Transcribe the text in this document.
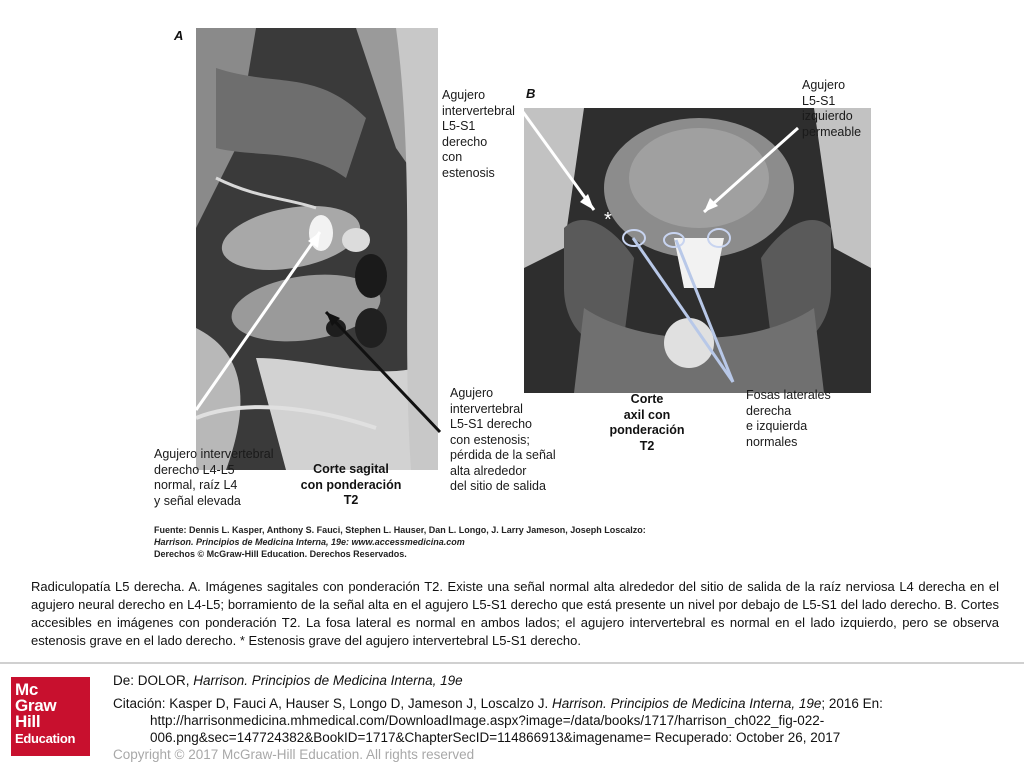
A
B
*
Agujero
intervertebral
L5-S1
derecho
con
estenosis
Agujero
L5-S1
izquierdo
permeable
Agujero intervertebral
derecho L4-L5
normal, raíz L4
y señal elevada
Corte sagital
con ponderación
T2
Agujero
intervertebral
L5-S1 derecho
con estenosis;
pérdida de la señal
alta alrededor
del sitio de salida
Corte
axil con
ponderación
T2
Fosas laterales
derecha
e izquierda
normales
Fuente: Dennis L. Kasper, Anthony S. Fauci, Stephen L. Hauser, Dan L. Longo, J. Larry Jameson, Joseph Loscalzo:
Harrison. Principios de Medicina Interna, 19e: www.accessmedicina.com
Derechos © McGraw-Hill Education. Derechos Reservados.
Radiculopatía L5 derecha. A. Imágenes sagitales con ponderación T2. Existe una señal normal alta alrededor del sitio de salida de la raíz nerviosa L4 derecha en el agujero neural derecho en L4-L5; borramiento de la señal alta en el agujero L5-S1 derecho que está presente un nivel por debajo de L5-S1 del lado derecho. B. Cortes accesibles en imágenes con ponderación T2. La fosa lateral es normal en ambos lados; el agujero intervertebral es normal en el lado izquierdo, pero se observa estenosis grave en el lado derecho. * Estenosis grave del agujero intervertebral L5-S1 derecho.
Mc
Graw
Hill
Education
De: DOLOR, Harrison. Principios de Medicina Interna, 19e
Citación: Kasper D, Fauci A, Hauser S, Longo D, Jameson J, Loscalzo J. Harrison. Principios de Medicina Interna, 19e; 2016 En:
http://harrisonmedicina.mhmedical.com/DownloadImage.aspx?image=/data/books/1717/harrison_ch022_fig-022-
006.png&sec=147724382&BookID=1717&ChapterSecID=114866913&imagename= Recuperado: October 26, 2017
Copyright © 2017 McGraw-Hill Education. All rights reserved
